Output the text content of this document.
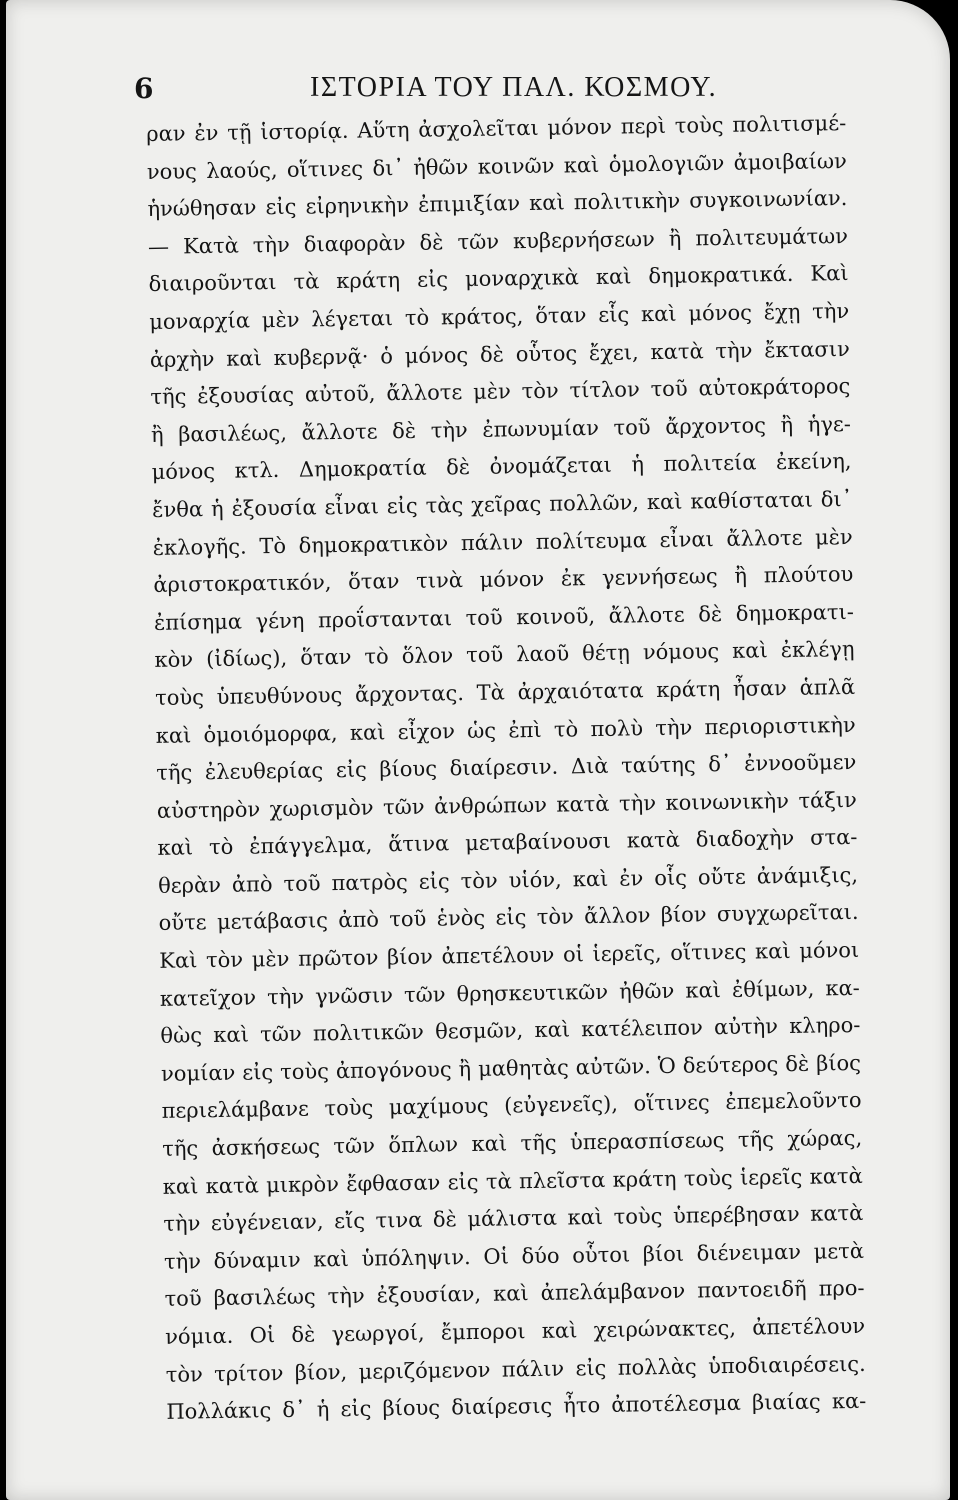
6	ΙΣΤΟΡΙΑ ΤΟΥ ΠΑΛ. ΚΟΣΜΟΥ.
ραν ἐν τῇ ἱστορίᾳ. Αὕτη ἀσχολεῖται μόνον περὶ τοὺς πολιτισμέ-
νους λαούς, οἵτινες δι᾽ ἠθῶν κοινῶν καὶ ὁμολογιῶν ἀμοιβαίων
ἡνώθησαν εἰς εἰρηνικὴν ἐπιμιξίαν καὶ πολιτικὴν συγκοινωνίαν.
— Κατὰ τὴν διαφορὰν δὲ τῶν κυβερνήσεων ἢ πολιτευμάτων
διαιροῦνται τὰ κράτη εἰς μοναρχικὰ καὶ δημοκρατικά. Καὶ
μοναρχία μὲν λέγεται τὸ κράτος, ὅταν εἷς καὶ μόνος ἔχῃ τὴν
ἀρχὴν καὶ κυβερνᾷ· ὁ μόνος δὲ οὗτος ἔχει, κατὰ τὴν ἔκτασιν
τῆς ἐξουσίας αὐτοῦ, ἄλλοτε μὲν τὸν τίτλον τοῦ αὐτοκράτορος
ἢ βασιλέως, ἄλλοτε δὲ τὴν ἐπωνυμίαν τοῦ ἄρχοντος ἢ ἡγε-
μόνος κτλ. Δημοκρατία δὲ ὀνομάζεται ἡ πολιτεία ἐκείνη,
ἔνθα ἡ ἐξουσία εἶναι εἰς τὰς χεῖρας πολλῶν, καὶ καθίσταται δι᾽
ἐκλογῆς. Τὸ δημοκρατικὸν πάλιν πολίτευμα εἶναι ἄλλοτε μὲν
ἀριστοκρατικόν, ὅταν τινὰ μόνον ἐκ γεννήσεως ἢ πλούτου
ἐπίσημα γένη προΐστανται τοῦ κοινοῦ, ἄλλοτε δὲ δημοκρατι-
κὸν (ἰδίως), ὅταν τὸ ὅλον τοῦ λαοῦ θέτῃ νόμους καὶ ἐκλέγῃ
τοὺς ὑπευθύνους ἄρχοντας. Τὰ ἀρχαιότατα κράτη ἦσαν ἁπλᾶ
καὶ ὁμοιόμορφα, καὶ εἶχον ὡς ἐπὶ τὸ πολὺ τὴν περιοριστικὴν
τῆς ἐλευθερίας εἰς βίους διαίρεσιν. Διὰ ταύτης δ᾽ ἐννοοῦμεν
αὐστηρὸν χωρισμὸν τῶν ἀνθρώπων κατὰ τὴν κοινωνικὴν τάξιν
καὶ τὸ ἐπάγγελμα, ἅτινα μεταβαίνουσι κατὰ διαδοχὴν στα-
θερὰν ἀπὸ τοῦ πατρὸς εἰς τὸν υἱόν, καὶ ἐν οἷς οὔτε ἀνάμιξις,
οὔτε μετάβασις ἀπὸ τοῦ ἑνὸς εἰς τὸν ἄλλον βίον συγχωρεῖται.
Καὶ τὸν μὲν πρῶτον βίον ἀπετέλουν οἱ ἱερεῖς, οἵτινες καὶ μόνοι
κατεῖχον τὴν γνῶσιν τῶν θρησκευτικῶν ἠθῶν καὶ ἐθίμων, κα-
θὼς καὶ τῶν πολιτικῶν θεσμῶν, καὶ κατέλειπον αὐτὴν κληρο-
νομίαν εἰς τοὺς ἀπογόνους ἢ μαθητὰς αὐτῶν. Ὁ δεύτερος δὲ βίος
περιελάμβανε τοὺς μαχίμους (εὐγενεῖς), οἵτινες ἐπεμελοῦντο
τῆς ἀσκήσεως τῶν ὅπλων καὶ τῆς ὑπερασπίσεως τῆς χώρας,
καὶ κατὰ μικρὸν ἔφθασαν εἰς τὰ πλεῖστα κράτη τοὺς ἱερεῖς κατὰ
τὴν εὐγένειαν, εἴς τινα δὲ μάλιστα καὶ τοὺς ὑπερέβησαν κατὰ
τὴν δύναμιν καὶ ὑπόληψιν. Οἱ δύο οὗτοι βίοι διένειμαν μετὰ
τοῦ βασιλέως τὴν ἐξουσίαν, καὶ ἀπελάμβανον παντοειδῆ προ-
νόμια. Οἱ δὲ γεωργοί, ἔμποροι καὶ χειρώνακτες, ἀπετέλουν
τὸν τρίτον βίον, μεριζόμενον πάλιν εἰς πολλὰς ὑποδιαιρέσεις.
Πολλάκις δ᾽ ἡ εἰς βίους διαίρεσις ἦτο ἀποτέλεσμα βιαίας κα-
